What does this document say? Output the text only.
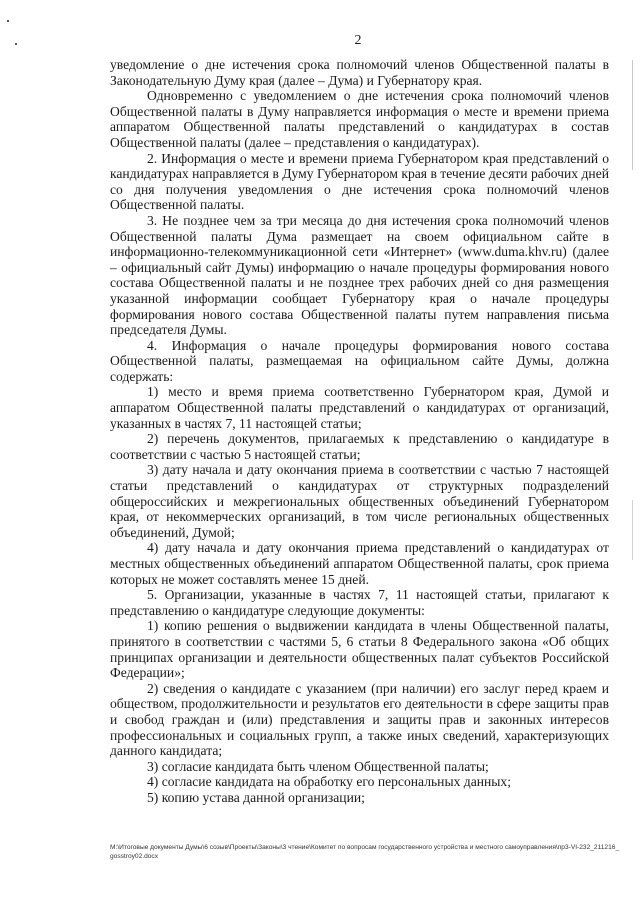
2

уведомление о дне истечения срока полномочий членов Общественной палаты в Законодательную Думу края (далее – Дума) и Губернатору края.

Одновременно с уведомлением о дне истечения срока полномочий членов Общественной палаты в Думу направляется информация о месте и времени приема аппаратом Общественной палаты представлений о кандидатурах в состав Общественной палаты (далее – представления о кандидатурах).

2. Информация о месте и времени приема Губернатором края представлений о кандидатурах направляется в Думу Губернатором края в течение десяти рабочих дней со дня получения уведомления о дне истечения срока полномочий членов Общественной палаты.

3. Не позднее чем за три месяца до дня истечения срока полномочий членов Общественной палаты Дума размещает на своем официальном сайте в информационно-телекоммуникационной сети «Интернет» (www.duma.khv.ru) (далее – официальный сайт Думы) информацию о начале процедуры формирования нового состава Общественной палаты и не позднее трех рабочих дней со дня размещения указанной информации сообщает Губернатору края о начале процедуры формирования нового состава Общественной палаты путем направления письма председателя Думы.

4. Информация о начале процедуры формирования нового состава Общественной палаты, размещаемая на официальном сайте Думы, должна содержать:

1) место и время приема соответственно Губернатором края, Думой и аппаратом Общественной палаты представлений о кандидатурах от организаций, указанных в частях 7, 11 настоящей статьи;

2) перечень документов, прилагаемых к представлению о кандидатуре в соответствии с частью 5 настоящей статьи;

3) дату начала и дату окончания приема в соответствии с частью 7 настоящей статьи представлений о кандидатурах от структурных подразделений общероссийских и межрегиональных общественных объединений Губернатором края, от некоммерческих организаций, в том числе региональных общественных объединений, Думой;

4) дату начала и дату окончания приема представлений о кандидатурах от местных общественных объединений аппаратом Общественной палаты, срок приема которых не может составлять менее 15 дней.

5. Организации, указанные в частях 7, 11 настоящей статьи, прилагают к представлению о кандидатуре следующие документы:

1) копию решения о выдвижении кандидата в члены Общественной палаты, принятого в соответствии с частями 5, 6 статьи 8 Федерального закона «Об общих принципах организации и деятельности общественных палат субъектов Российской Федерации»;

2) сведения о кандидате с указанием (при наличии) его заслуг перед краем и обществом, продолжительности и результатов его деятельности в сфере защиты прав и свобод граждан и (или) представления и защиты прав и законных интересов профессиональных и социальных групп, а также иных сведений, характеризующих данного кандидата;

3) согласие кандидата быть членом Общественной палаты;

4) согласие кандидата на обработку его персональных данных;

5) копию устава данной организации;

M:\Итоговые документы Думы\6 созыв\Проекты\Законы\3 чтение\Комитет по вопросам государственного устройства и местного самоуправления\пр3-VI-232_211216_gosstroy02.docx
